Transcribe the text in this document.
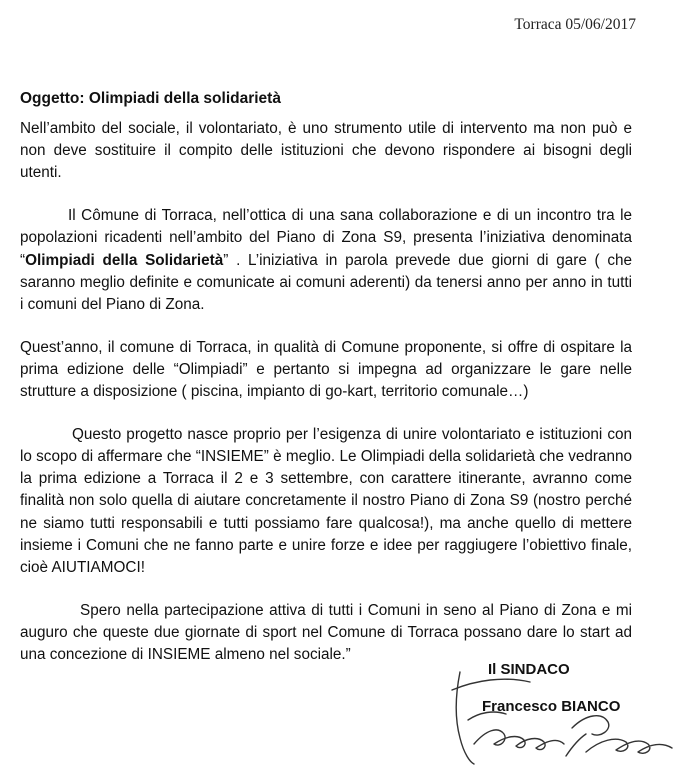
Torraca 05/06/2017
Oggetto: Olimpiadi della solidarietà

Nell’ambito del sociale, il volontariato, è uno strumento utile di intervento ma non può e non deve sostituire il compito delle istituzioni che devono rispondere ai bisogni degli utenti.

Il Cômune di Torraca, nell’ottica di una sana collaborazione e di un incontro tra le popolazioni ricadenti nell’ambito del Piano di Zona S9, presenta l’iniziativa denominata “Olimpiadi della Solidarietà” . L’iniziativa in parola prevede due giorni di gare ( che saranno meglio definite e comunicate ai comuni aderenti) da tenersi anno per anno in tutti i comuni del Piano di Zona.

Quest’anno, il comune di Torraca, in qualità di Comune proponente, si offre di ospitare la prima edizione delle “Olimpiadi” e pertanto si impegna ad organizzare le gare nelle strutture a disposizione ( piscina, impianto di go-kart, territorio comunale…)

Questo progetto nasce proprio per l’esigenza di unire volontariato e istituzioni con lo scopo di affermare che “INSIEME” è meglio. Le Olimpiadi della solidarietà che vedranno la prima edizione a Torraca il 2 e 3 settembre, con carattere itinerante, avranno come finalità non solo quella di aiutare concretamente il nostro Piano di Zona S9 (nostro perché ne siamo tutti responsabili e tutti possiamo fare qualcosa!), ma anche quello di mettere insieme i Comuni che ne fanno parte e unire forze e idee per raggiugere l’obiettivo finale, cioè AIUTIAMOCI!

Spero nella partecipazione attiva di tutti i Comuni in seno al Piano di Zona e mi auguro che queste due giornate di sport nel Comune di Torraca possano dare lo start ad una concezione di INSIEME almeno nel sociale.”

Il SINDACO
Francesco BIANCO
